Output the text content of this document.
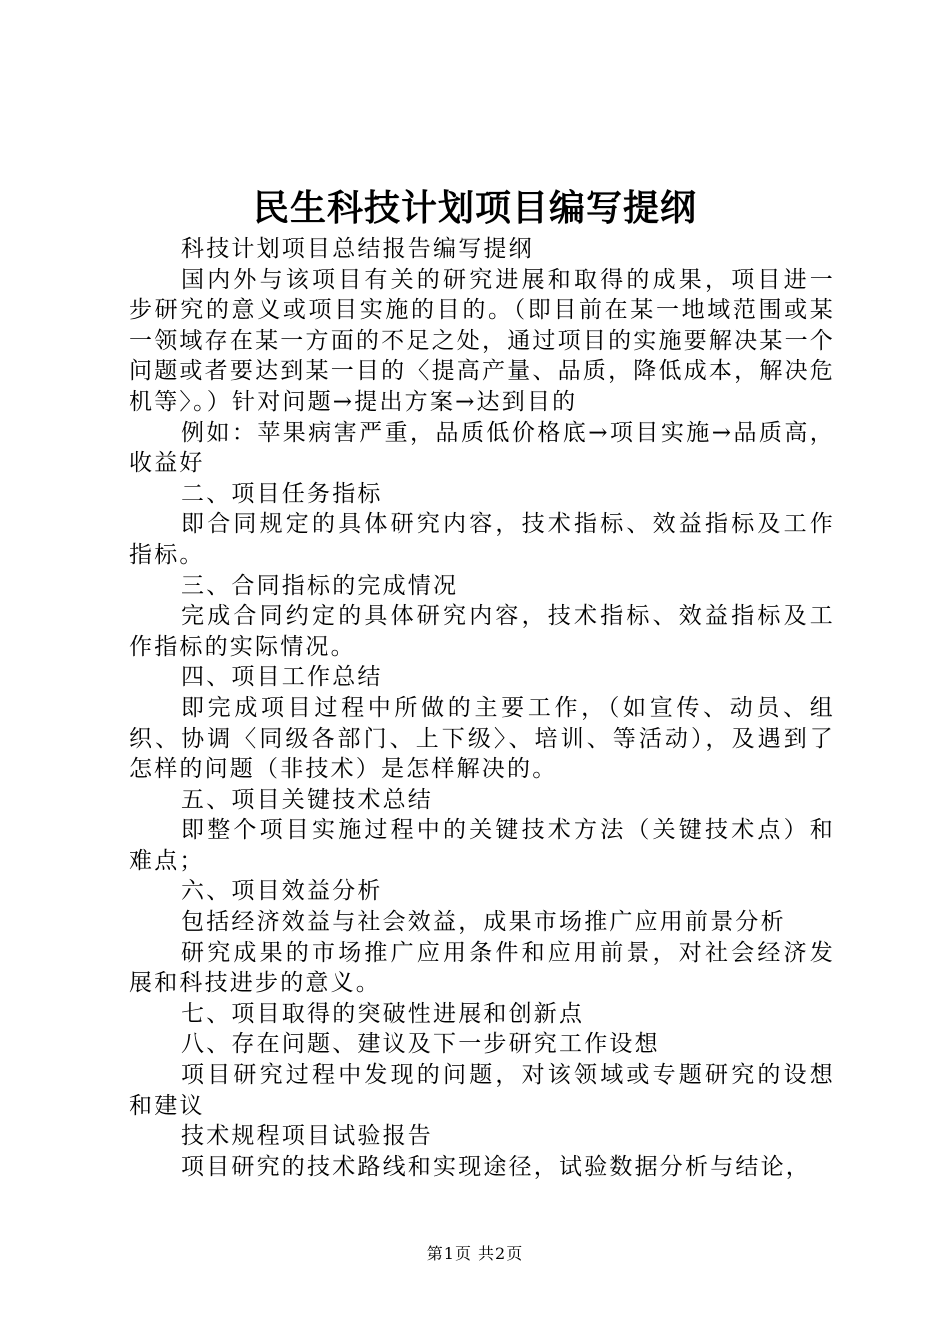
民生科技计划项目编写提纲

科技计划项目总结报告编写提纲

国内外与该项目有关的研究进展和取得的成果，项目进一步研究的意义或项目实施的目的。（即目前在某一地域范围或某一领域存在某一方面的不足之处，通过项目的实施要解决某一个问题或者要达到某一目的〈提高产量、品质，降低成本，解决危机等〉。）针对问题→提出方案→达到目的

例如：苹果病害严重，品质低价格底→项目实施→品质高，收益好

二、项目任务指标

即合同规定的具体研究内容，技术指标、效益指标及工作指标。

三、合同指标的完成情况

完成合同约定的具体研究内容，技术指标、效益指标及工作指标的实际情况。

四、项目工作总结

即完成项目过程中所做的主要工作，（如宣传、动员、组织、协调〈同级各部门、上下级〉、培训、等活动），及遇到了怎样的问题（非技术）是怎样解决的。

五、项目关键技术总结

即整个项目实施过程中的关键技术方法（关键技术点）和难点；

六、项目效益分析

包括经济效益与社会效益，成果市场推广应用前景分析

研究成果的市场推广应用条件和应用前景，对社会经济发展和科技进步的意义。

七、项目取得的突破性进展和创新点

八、存在问题、建议及下一步研究工作设想

项目研究过程中发现的问题，对该领域或专题研究的设想和建议

技术规程项目试验报告

项目研究的技术路线和实现途径，试验数据分析与结论，

第1页 共2页
